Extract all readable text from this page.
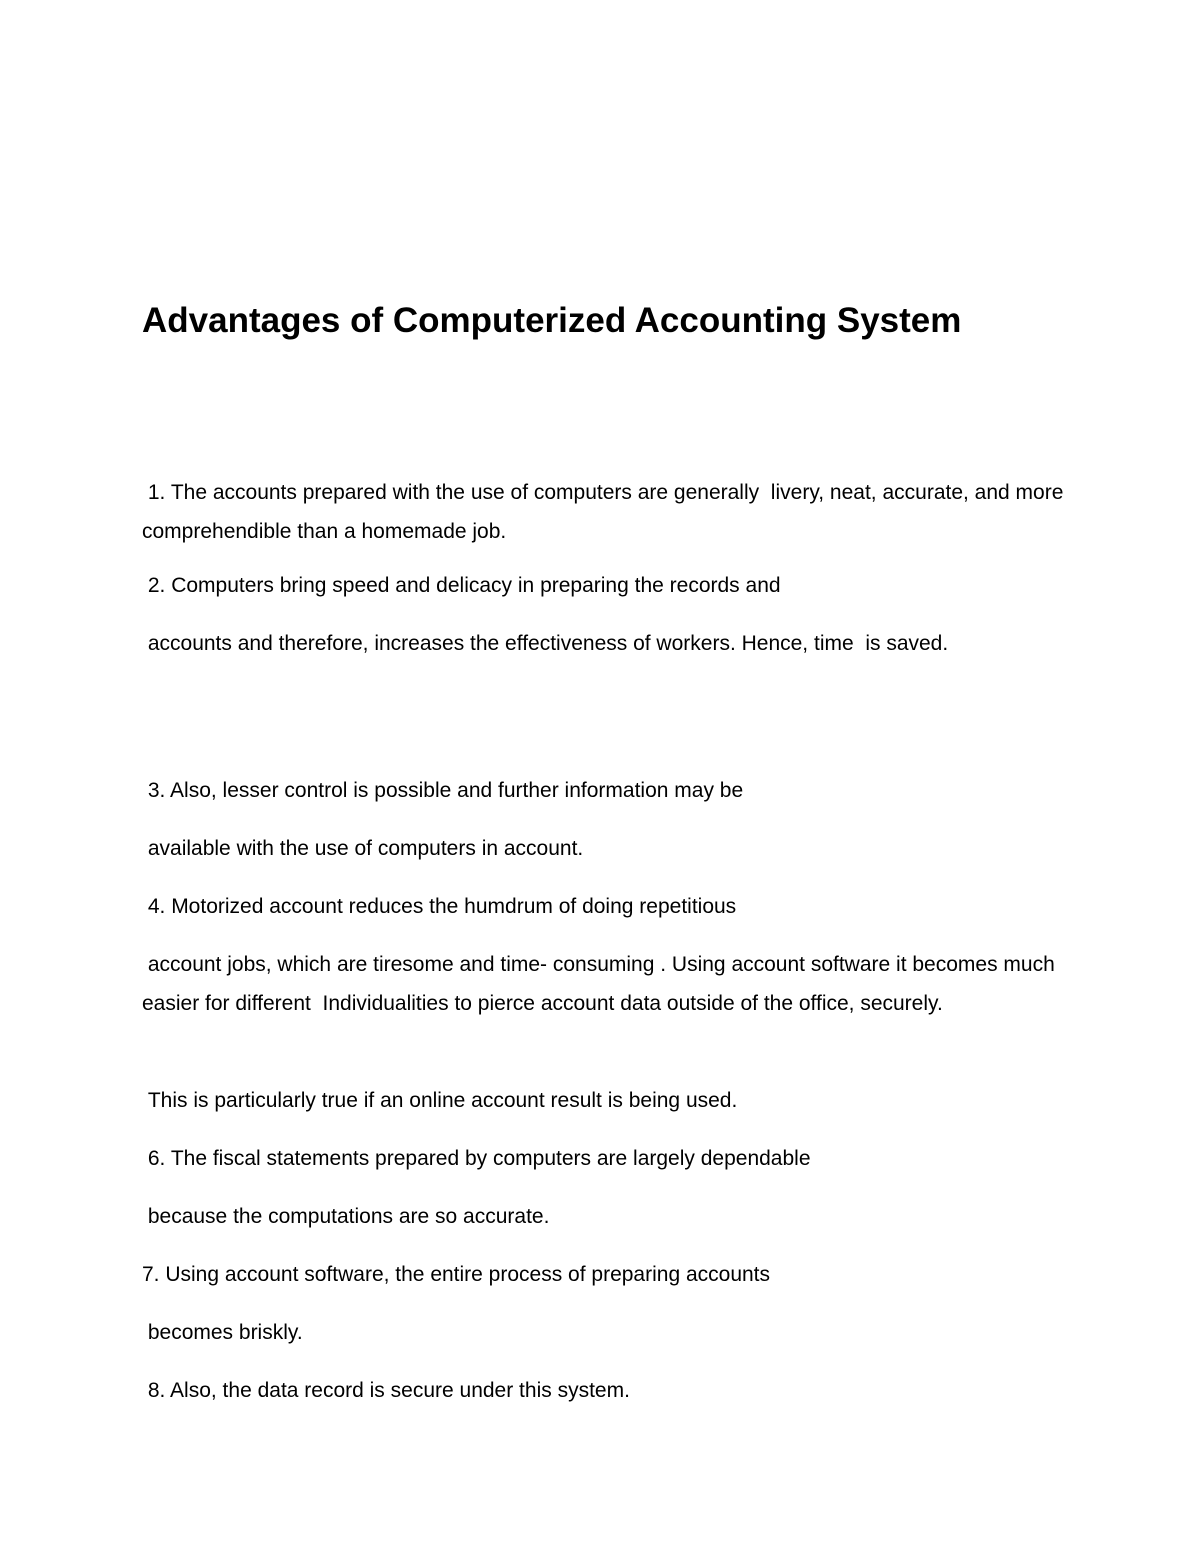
Advantages of Computerized Accounting System

1. The accounts prepared with the use of computers are generally  livery, neat, accurate, and more comprehendible than a homemade job.

2. Computers bring speed and delicacy in preparing the records and

accounts and therefore, increases the effectiveness of workers. Hence, time  is saved.

3. Also, lesser control is possible and further information may be

available with the use of computers in account.

4. Motorized account reduces the humdrum of doing repetitious

account jobs, which are tiresome and time- consuming . Using account software it becomes much easier for different  Individualities to pierce account data outside of the office, securely.

This is particularly true if an online account result is being used.

6. The fiscal statements prepared by computers are largely dependable

because the computations are so accurate.

7. Using account software, the entire process of preparing accounts

becomes briskly.

8. Also, the data record is secure under this system.
